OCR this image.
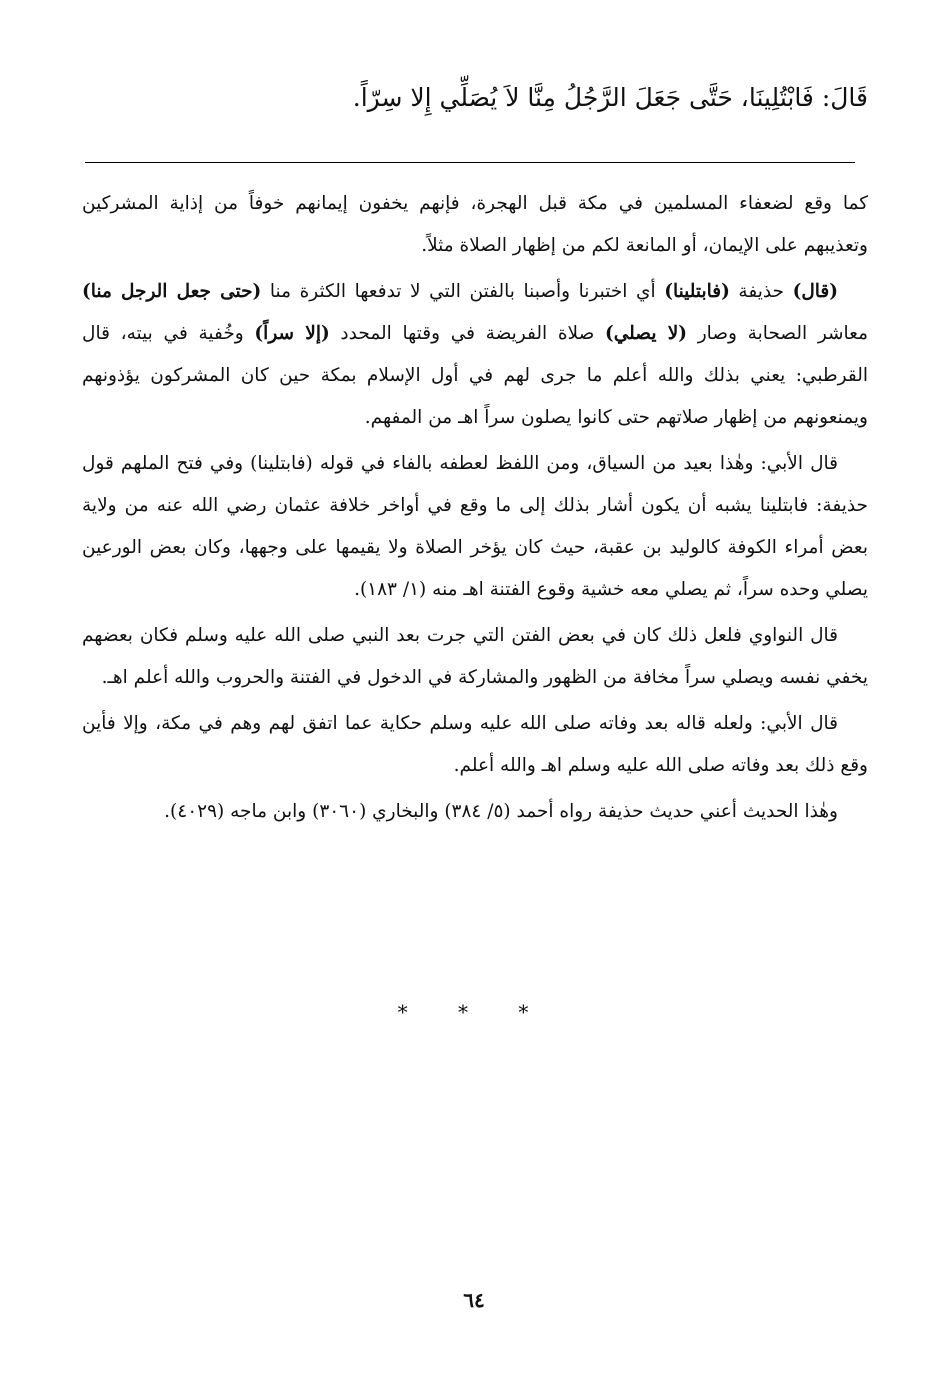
قَالَ: فَابْتُلِينَا، حَتَّى جَعَلَ الرَّجُلُ مِنَّا لاَ يُصَلِّي إِلا سِرّاً.

كما وقع لضعفاء المسلمين في مكة قبل الهجرة، فإنهم يخفون إيمانهم خوفاً من إذاية المشركين وتعذيبهم على الإيمان، أو المانعة لكم من إظهار الصلاة مثلاً.

(قال) حذيفة (فابتلينا) أي اختبرنا وأصبنا بالفتن التي لا تدفعها الكثرة منا (حتى جعل الرجل منا) معاشر الصحابة وصار (لا يصلي) صلاة الفريضة في وقتها المحدد (إلا سراً) وخُفية في بيته، قال القرطبي: يعني بذلك والله أعلم ما جرى لهم في أول الإسلام بمكة حين كان المشركون يؤذونهم ويمنعونهم من إظهار صلاتهم حتى كانوا يصلون سراً اهـ من المفهم.

قال الأبي: وهٰذا بعيد من السياق، ومن اللفظ لعطفه بالفاء في قوله (فابتلينا) وفي فتح الملهم قول حذيفة: فابتلينا يشبه أن يكون أشار بذلك إلى ما وقع في أواخر خلافة عثمان رضي الله عنه من ولاية بعض أمراء الكوفة كالوليد بن عقبة، حيث كان يؤخر الصلاة ولا يقيمها على وجهها، وكان بعض الورعين يصلي وحده سراً، ثم يصلي معه خشية وقوع الفتنة اهـ منه (١/ ١٨٣).

قال النواوي فلعل ذلك كان في بعض الفتن التي جرت بعد النبي صلى الله عليه وسلم فكان بعضهم يخفي نفسه ويصلي سراً مخافة من الظهور والمشاركة في الدخول في الفتنة والحروب والله أعلم اهـ.

قال الأبي: ولعله قاله بعد وفاته صلى الله عليه وسلم حكاية عما اتفق لهم وهم في مكة، وإلا فأين وقع ذلك بعد وفاته صلى الله عليه وسلم اهـ والله أعلم.

وهٰذا الحديث أعني حديث حذيفة رواه أحمد (٥/ ٣٨٤) والبخاري (٣٠٦٠) وابن ماجه (٤٠٢٩).

* * *
٦٤
